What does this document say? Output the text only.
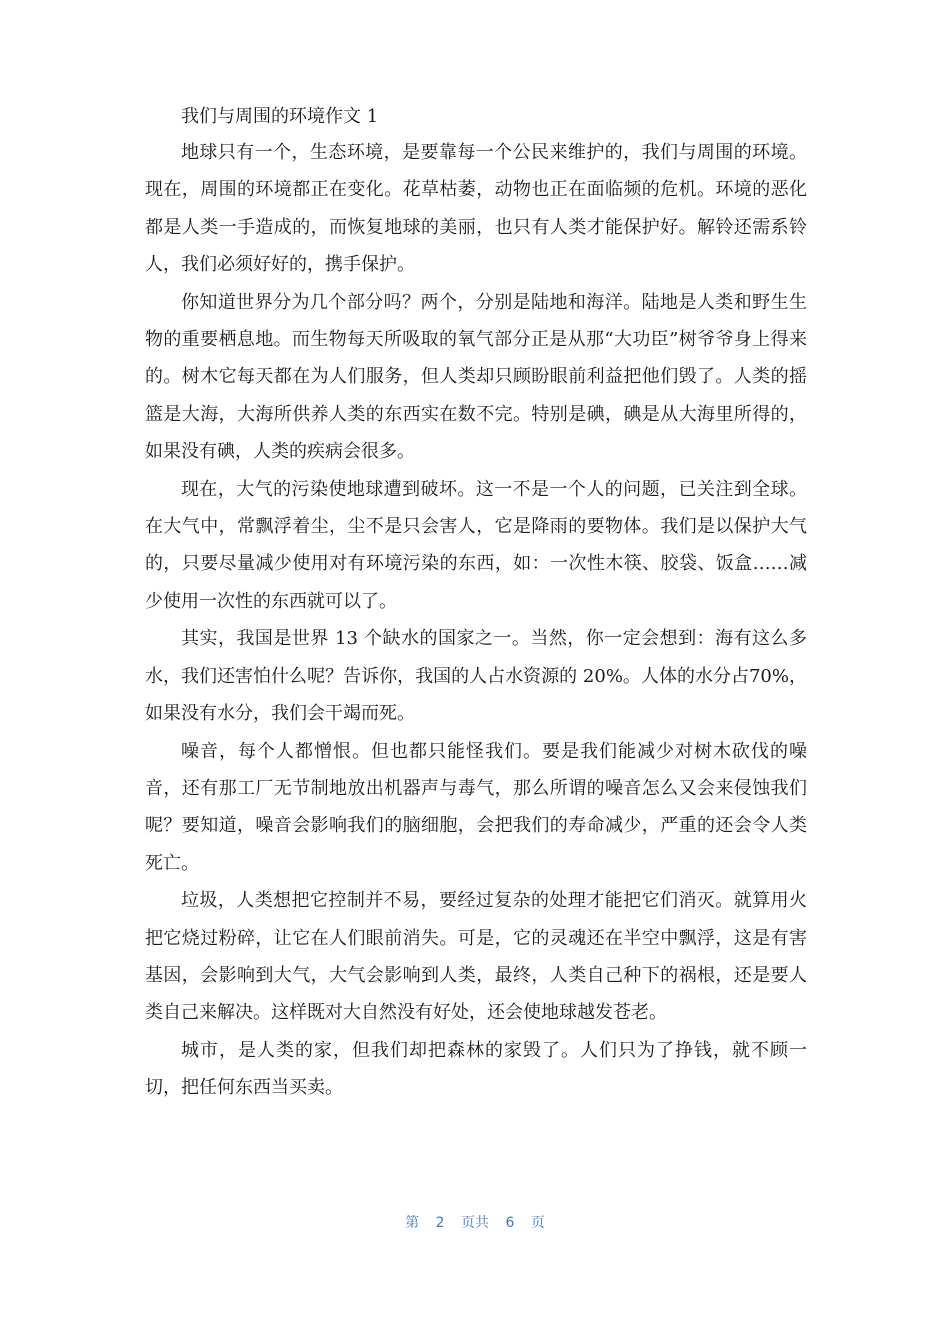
我们与周围的环境作文 1

地球只有一个，生态环境，是要靠每一个公民来维护的，我们与周围的环境。现在，周围的环境都正在变化。花草枯萎，动物也正在面临频的危机。环境的恶化都是人类一手造成的，而恢复地球的美丽，也只有人类才能保护好。解铃还需系铃人，我们必须好好的，携手保护。

你知道世界分为几个部分吗？两个，分别是陆地和海洋。陆地是人类和野生生物的重要栖息地。而生物每天所吸取的氧气部分正是从那“大功臣”树爷爷身上得来的。树木它每天都在为人们服务，但人类却只顾盼眼前利益把他们毁了。人类的摇篮是大海，大海所供养人类的东西实在数不完。特别是碘，碘是从大海里所得的，如果没有碘，人类的疾病会很多。

现在，大气的污染使地球遭到破坏。这一不是一个人的问题，已关注到全球。在大气中，常飘浮着尘，尘不是只会害人，它是降雨的要物体。我们是以保护大气的，只要尽量减少使用对有环境污染的东西，如：一次性木筷、胶袋、饭盒……减少使用一次性的东西就可以了。

其实，我国是世界 13 个缺水的国家之一。当然，你一定会想到：海有这么多水，我们还害怕什么呢？告诉你，我国的人占水资源的 20%。人体的水分占70%，如果没有水分，我们会干竭而死。

噪音，每个人都憎恨。但也都只能怪我们。要是我们能减少对树木砍伐的噪音，还有那工厂无节制地放出机器声与毒气，那么所谓的噪音怎么又会来侵蚀我们呢？要知道，噪音会影响我们的脑细胞，会把我们的寿命减少，严重的还会令人类死亡。

垃圾，人类想把它控制并不易，要经过复杂的处理才能把它们消灭。就算用火把它烧过粉碎，让它在人们眼前消失。可是，它的灵魂还在半空中飘浮，这是有害基因，会影响到大气，大气会影响到人类，最终，人类自己种下的祸根，还是要人类自己来解决。这样既对大自然没有好处，还会使地球越发苍老。

城市，是人类的家，但我们却把森林的家毁了。人们只为了挣钱，就不顾一切，把任何东西当买卖。

第 2 页共 6 页
